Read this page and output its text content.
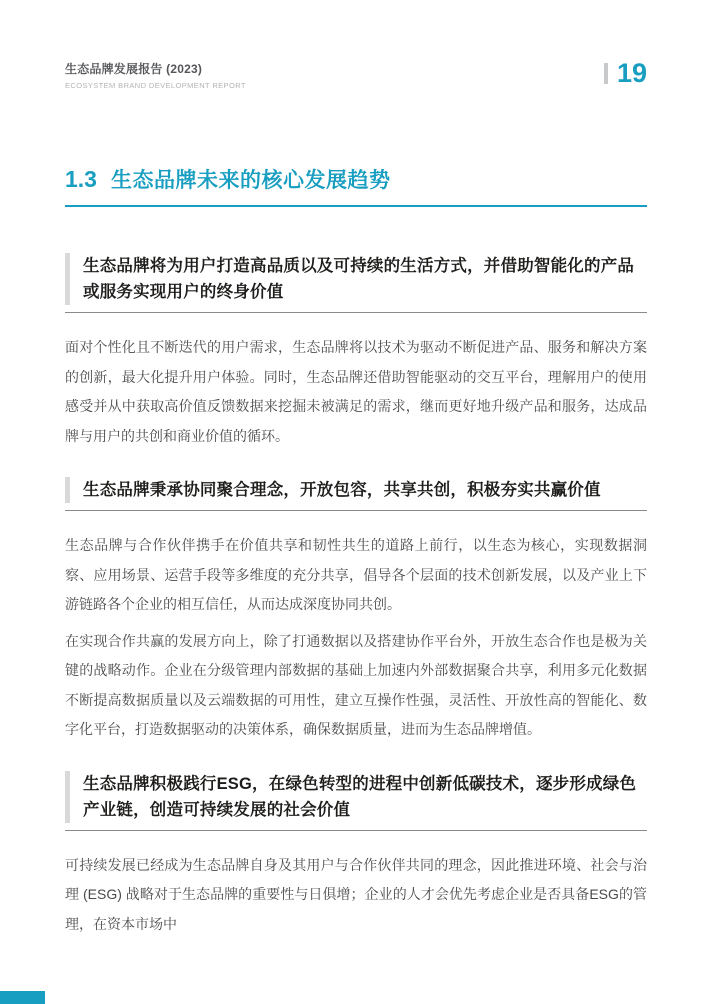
生态品牌发展报告 (2023)
ECOSYSTEM BRAND DEVELOPMENT REPORT	19
1.3 生态品牌未来的核心发展趋势
生态品牌将为用户打造高品质以及可持续的生活方式，并借助智能化的产品或服务实现用户的终身价值

面对个性化且不断迭代的用户需求，生态品牌将以技术为驱动不断促进产品、服务和解决方案的创新，最大化提升用户体验。同时，生态品牌还借助智能驱动的交互平台，理解用户的使用感受并从中获取高价值反馈数据来挖掘未被满足的需求，继而更好地升级产品和服务，达成品牌与用户的共创和商业价值的循环。

生态品牌秉承协同聚合理念，开放包容，共享共创，积极夯实共赢价值

生态品牌与合作伙伴携手在价值共享和韧性共生的道路上前行，以生态为核心，实现数据洞察、应用场景、运营手段等多维度的充分共享，倡导各个层面的技术创新发展，以及产业上下游链路各个企业的相互信任，从而达成深度协同共创。

在实现合作共赢的发展方向上，除了打通数据以及搭建协作平台外，开放生态合作也是极为关键的战略动作。企业在分级管理内部数据的基础上加速内外部数据聚合共享，利用多元化数据不断提高数据质量以及云端数据的可用性，建立互操作性强，灵活性、开放性高的智能化、数字化平台，打造数据驱动的决策体系，确保数据质量，进而为生态品牌增值。

生态品牌积极践行ESG，在绿色转型的进程中创新低碳技术，逐步形成绿色产业链，创造可持续发展的社会价值

可持续发展已经成为生态品牌自身及其用户与合作伙伴共同的理念，因此推进环境、社会与治理 (ESG) 战略对于生态品牌的重要性与日俱增；企业的人才会优先考虑企业是否具备ESG的管理，在资本市场中
